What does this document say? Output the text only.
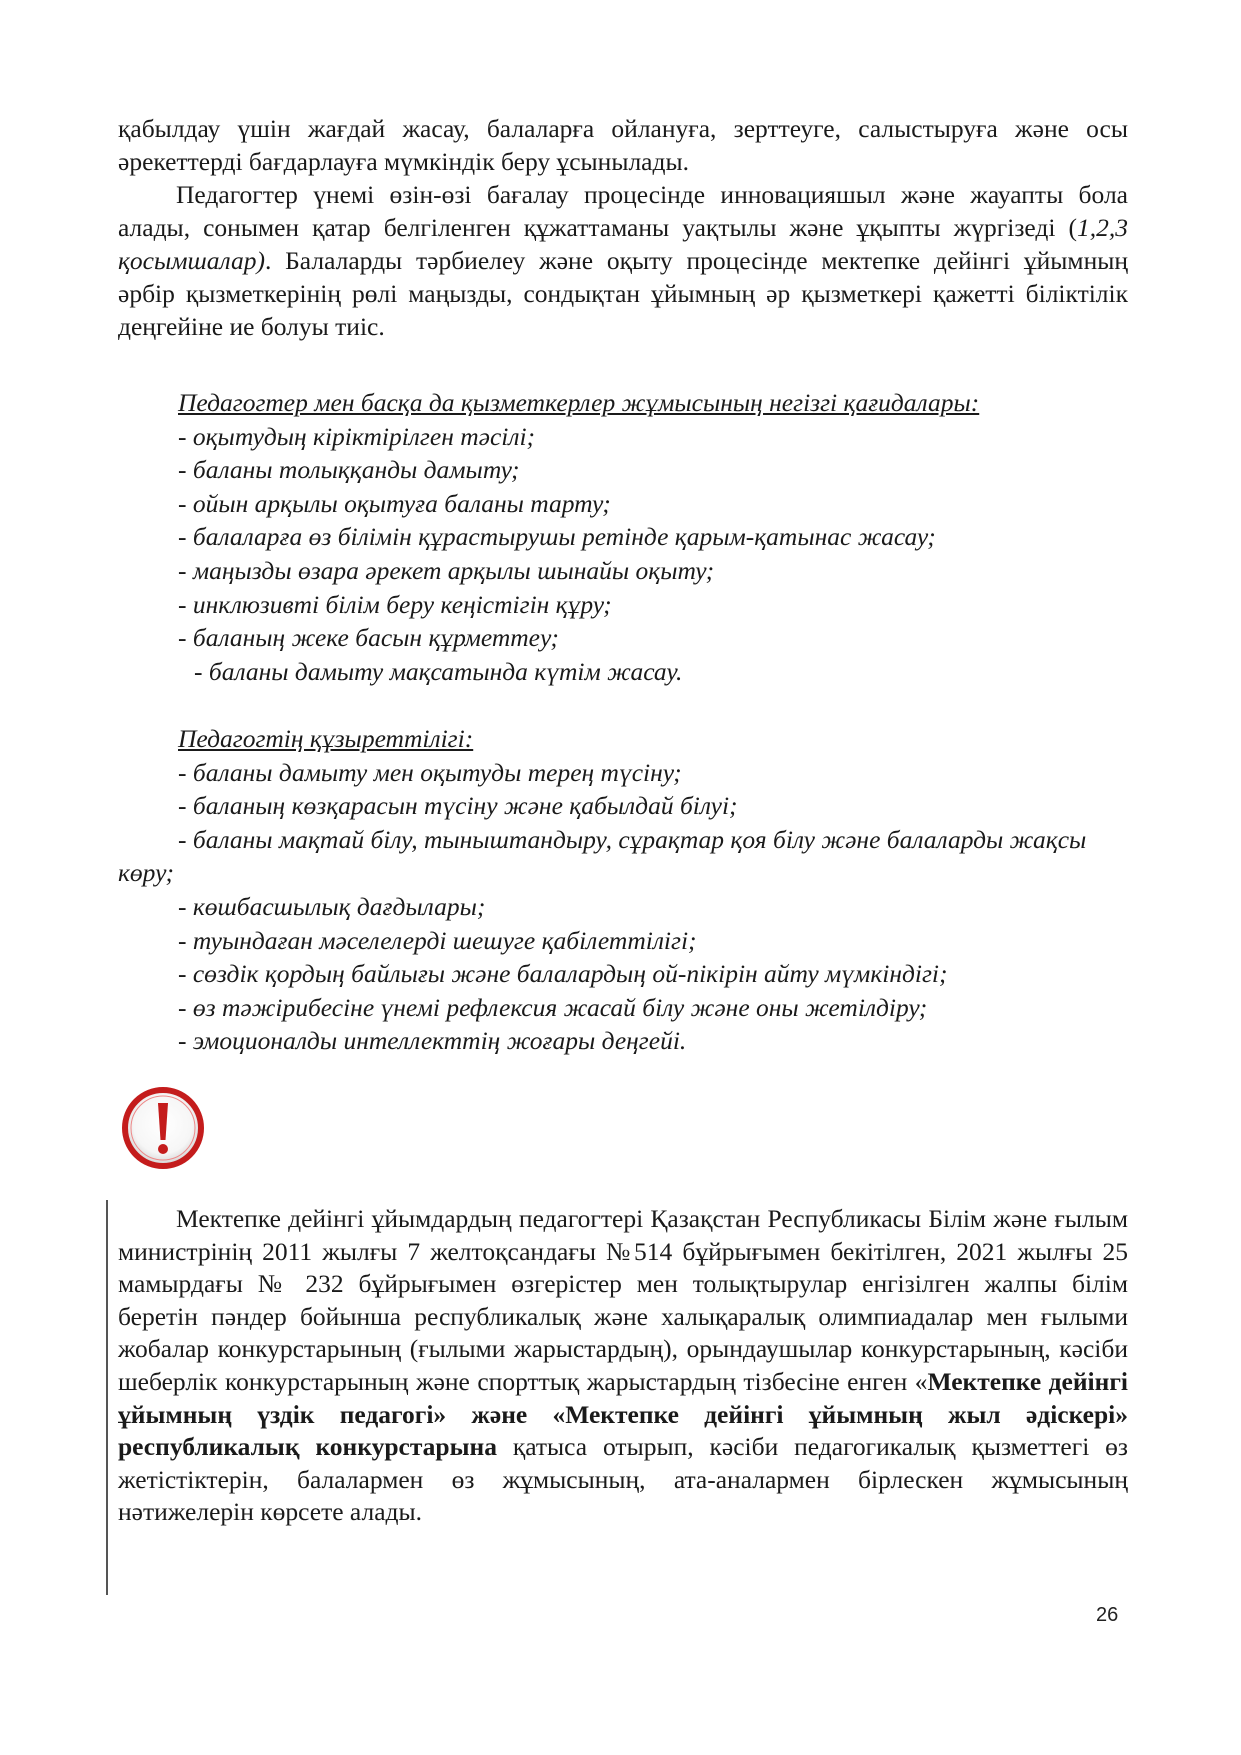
қабылдау үшін жағдай жасау, балаларға ойлануға, зерттеуге, салыстыруға және осы әрекеттерді бағдарлауға мүмкіндік беру ұсынылады.

Педагогтер үнемі өзін-өзі бағалау процесінде инновацияшыл және жауапты бола алады, сонымен қатар белгіленген құжаттаманы уақтылы және ұқыпты жүргізеді (1,2,3 қосымшалар). Балаларды тәрбиелеу және оқыту процесінде мектепке дейінгі ұйымның әрбір қызметкерінің рөлі маңызды, сондықтан ұйымның әр қызметкері қажетті біліктілік деңгейіне ие болуы тиіс.

Педагогтер мен басқа да қызметкерлер жұмысының негізгі қағидалары:

- оқытудың кіріктірілген тәсілі;

- баланы толыққанды дамыту;

- ойын арқылы оқытуға баланы тарту;

- балаларға өз білімін құрастырушы ретінде қарым-қатынас жасау;

- маңызды өзара әрекет арқылы шынайы оқыту;

- инклюзивті білім беру кеңістігін құру;

- баланың жеке басын құрметтеу;

- баланы дамыту мақсатында күтім жасау.

Педагогтің құзыреттілігі:

- баланы дамыту мен оқытуды терең түсіну;

- баланың көзқарасын түсіну және қабылдай білуі;

- баланы мақтай білу, тыныштандыру, сұрақтар қоя білу және балаларды жақсы көру;

- көшбасшылық дағдылары;

- туындаған мәселелерді шешуге қабілеттілігі;

- сөздік қордың байлығы және балалардың ой-пікірін айту мүмкіндігі;

- өз тәжірибесіне үнемі рефлексия жасай білу және оны жетілдіру;

- эмоционалды интеллекттің жоғары деңгейі.

Мектепке дейінгі ұйымдардың педагогтері Қазақстан Республикасы Білім және ғылым министрінің 2011 жылғы 7 желтоқсандағы №514 бұйрығымен бекітілген, 2021 жылғы 25 мамырдағы № 232 бұйрығымен өзгерістер мен толықтырулар енгізілген жалпы білім беретін пәндер бойынша республикалық және халықаралық олимпиадалар мен ғылыми жобалар конкурстарының (ғылыми жарыстардың), орындаушылар конкурстарының, кәсіби шеберлік конкурстарының және спорттық жарыстардың тізбесіне енген «Мектепке дейінгі ұйымның үздік педагогі» және «Мектепке дейінгі ұйымның жыл әдіскері» республикалық конкурстарына қатыса отырып, кәсіби педагогикалық қызметтегі өз жетістіктерін, балалармен өз жұмысының, ата-аналармен бірлескен жұмысының нәтижелерін көрсете алады.

26
